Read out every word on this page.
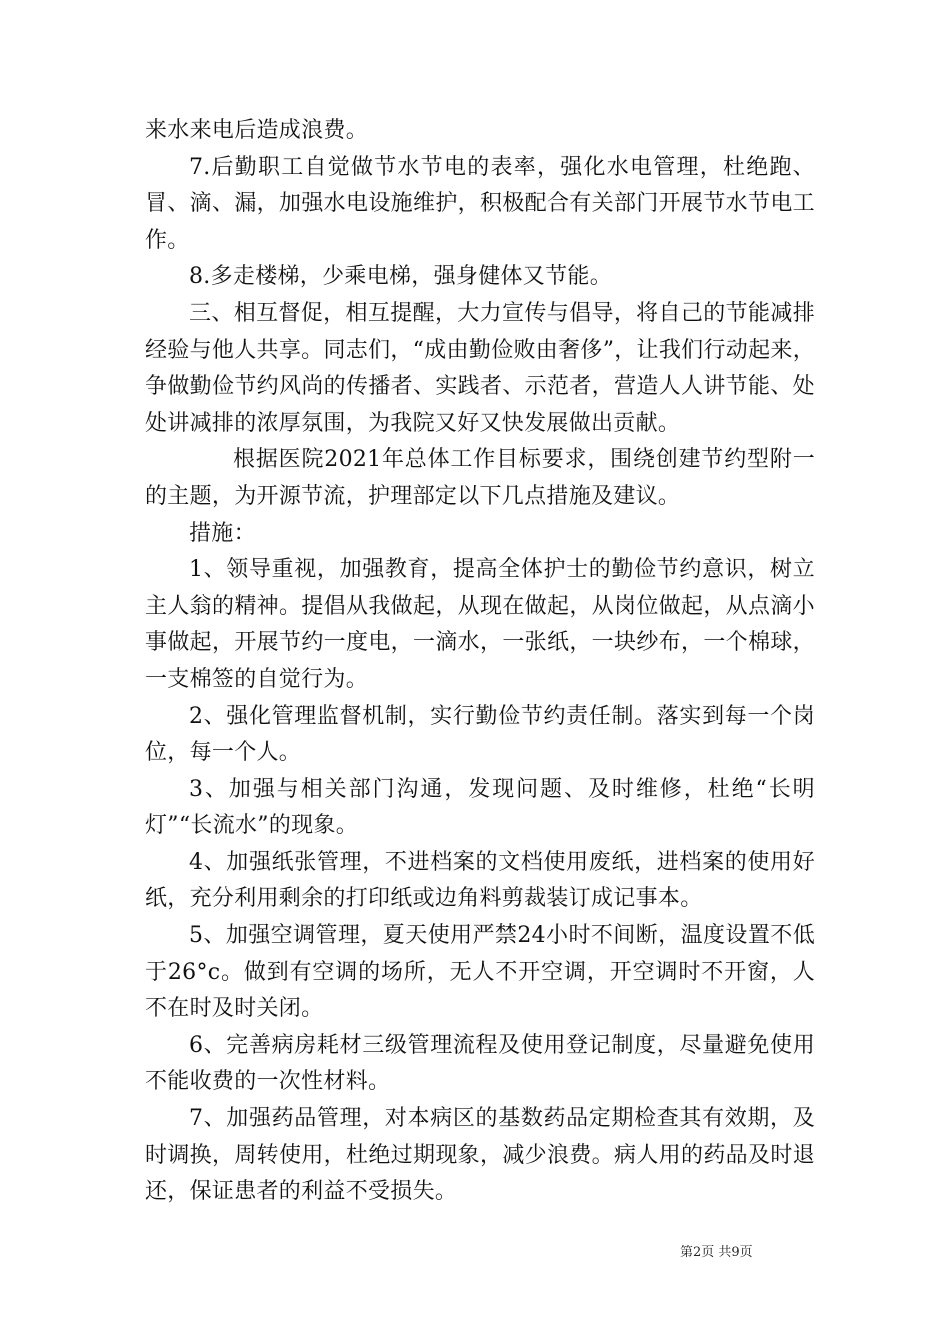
来水来电后造成浪费。

7.后勤职工自觉做节水节电的表率，强化水电管理，杜绝跑、冒、滴、漏，加强水电设施维护，积极配合有关部门开展节水节电工作。

8.多走楼梯，少乘电梯，强身健体又节能。

三、相互督促，相互提醒，大力宣传与倡导，将自己的节能减排经验与他人共享。同志们，“成由勤俭败由奢侈”，让我们行动起来，争做勤俭节约风尚的传播者、实践者、示范者，营造人人讲节能、处处讲减排的浓厚氛围，为我院又好又快发展做出贡献。

根据医院2021年总体工作目标要求，围绕创建节约型附一的主题，为开源节流，护理部定以下几点措施及建议。

措施：

1、领导重视，加强教育，提高全体护士的勤俭节约意识，树立主人翁的精神。提倡从我做起，从现在做起，从岗位做起，从点滴小事做起，开展节约一度电，一滴水，一张纸，一块纱布，一个棉球，一支棉签的自觉行为。

2、强化管理监督机制，实行勤俭节约责任制。落实到每一个岗位，每一个人。

3、加强与相关部门沟通，发现问题、及时维修，杜绝“长明灯”“长流水”的现象。

4、加强纸张管理，不进档案的文档使用废纸，进档案的使用好纸，充分利用剩余的打印纸或边角料剪裁装订成记事本。

5、加强空调管理，夏天使用严禁24小时不间断，温度设置不低于26°c。做到有空调的场所，无人不开空调，开空调时不开窗，人不在时及时关闭。

6、完善病房耗材三级管理流程及使用登记制度，尽量避免使用不能收费的一次性材料。

7、加强药品管理，对本病区的基数药品定期检查其有效期，及时调换，周转使用，杜绝过期现象，减少浪费。病人用的药品及时退还，保证患者的利益不受损失。

第2页 共9页
